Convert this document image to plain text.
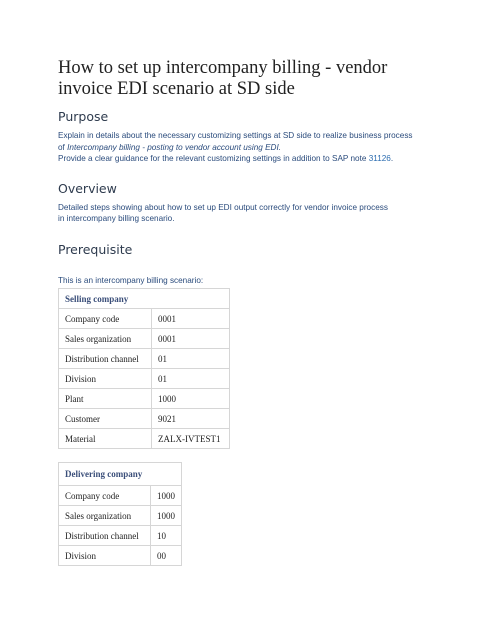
How to set up intercompany billing - vendor invoice EDI scenario at SD side
Purpose

Explain in details about the necessary customizing settings at SD side to realize business process
of Intercompany billing - posting to vendor account using EDI.
Provide a clear guidance for the relevant customizing settings in addition to SAP note 31126.

Overview

Detailed steps showing about how to set up EDI output correctly for vendor invoice process
in intercompany billing scenario.

Prerequisite

This is an intercompany billing scenario:

Selling company	
Company code	0001
Sales organization	0001
Distribution channel	01
Division	01
Plant	1000
Customer	9021
Material	ZALX-IVTEST1
Delivering company	
Company code	1000
Sales organization	1000
Distribution channel	10
Division	00
